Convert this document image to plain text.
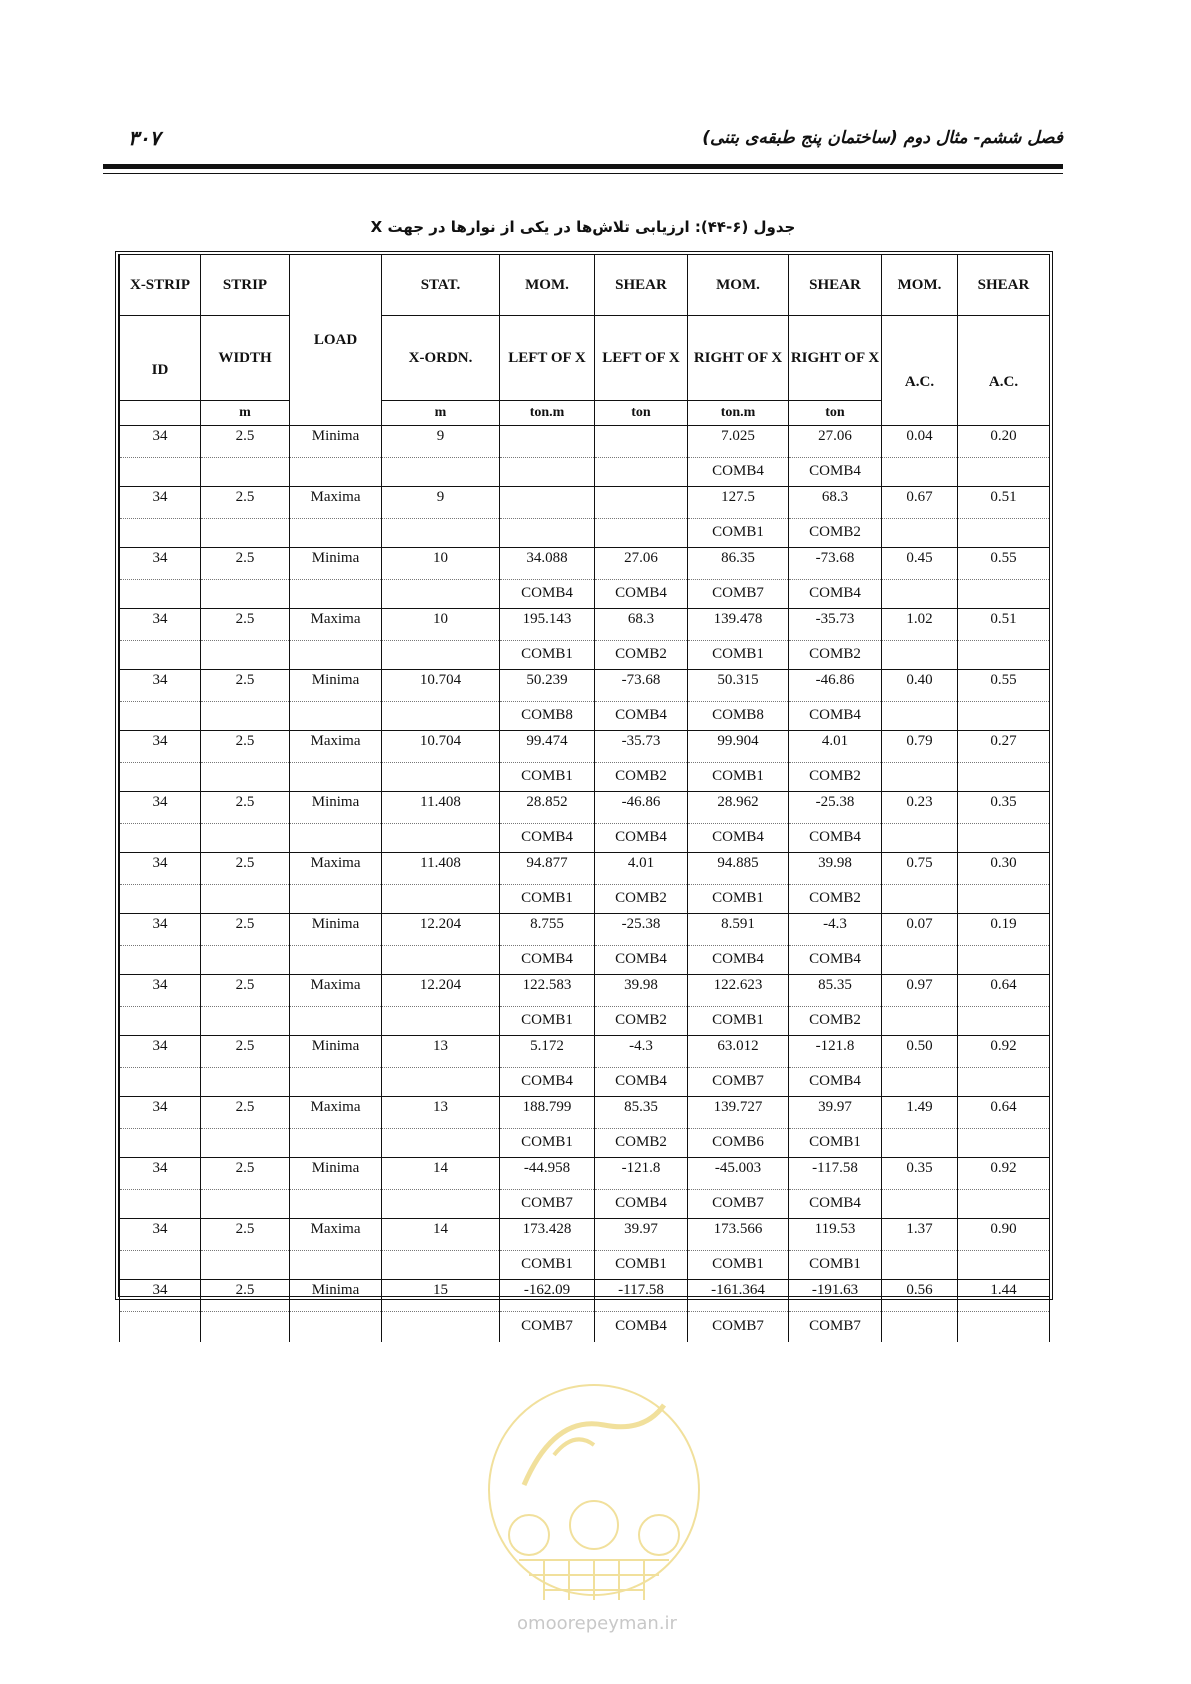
فصل ششم- مثال دوم (ساختمان پنج طبقه‌ی بتنی)
۳۰۷
جدول (۶-۴۴): ارزیابی تلاش‌ها در یکی از نوارها در جهت X
X-STRIP	STRIP	LOAD	STAT.	MOM.	SHEAR	MOM.	SHEAR	MOM.	SHEAR
ID	WIDTH		X-ORDN.	LEFT OF X	LEFT OF X	RIGHT OF X	RIGHT OF X	A.C.	A.C.
	m		m	ton.m	ton	ton.m	ton		
34	2.5	Minima	9			7.025	27.06	0.04	0.20
						COMB4	COMB4		
34	2.5	Maxima	9			127.5	68.3	0.67	0.51
						COMB1	COMB2		
34	2.5	Minima	10	34.088	27.06	86.35	-73.68	0.45	0.55
				COMB4	COMB4	COMB7	COMB4		
34	2.5	Maxima	10	195.143	68.3	139.478	-35.73	1.02	0.51
				COMB1	COMB2	COMB1	COMB2		
34	2.5	Minima	10.704	50.239	-73.68	50.315	-46.86	0.40	0.55
				COMB8	COMB4	COMB8	COMB4		
34	2.5	Maxima	10.704	99.474	-35.73	99.904	4.01	0.79	0.27
				COMB1	COMB2	COMB1	COMB2		
34	2.5	Minima	11.408	28.852	-46.86	28.962	-25.38	0.23	0.35
				COMB4	COMB4	COMB4	COMB4		
34	2.5	Maxima	11.408	94.877	4.01	94.885	39.98	0.75	0.30
				COMB1	COMB2	COMB1	COMB2		
34	2.5	Minima	12.204	8.755	-25.38	8.591	-4.3	0.07	0.19
				COMB4	COMB4	COMB4	COMB4		
34	2.5	Maxima	12.204	122.583	39.98	122.623	85.35	0.97	0.64
				COMB1	COMB2	COMB1	COMB2		
34	2.5	Minima	13	5.172	-4.3	63.012	-121.8	0.50	0.92
				COMB4	COMB4	COMB7	COMB4		
34	2.5	Maxima	13	188.799	85.35	139.727	39.97	1.49	0.64
				COMB1	COMB2	COMB6	COMB1		
34	2.5	Minima	14	-44.958	-121.8	-45.003	-117.58	0.35	0.92
				COMB7	COMB4	COMB7	COMB4		
34	2.5	Maxima	14	173.428	39.97	173.566	119.53	1.37	0.90
				COMB1	COMB1	COMB1	COMB1		
34	2.5	Minima	15	-162.09	-117.58	-161.364	-191.63	0.56	1.44
				COMB7	COMB4	COMB7	COMB7		
omoorepeyman.ir
